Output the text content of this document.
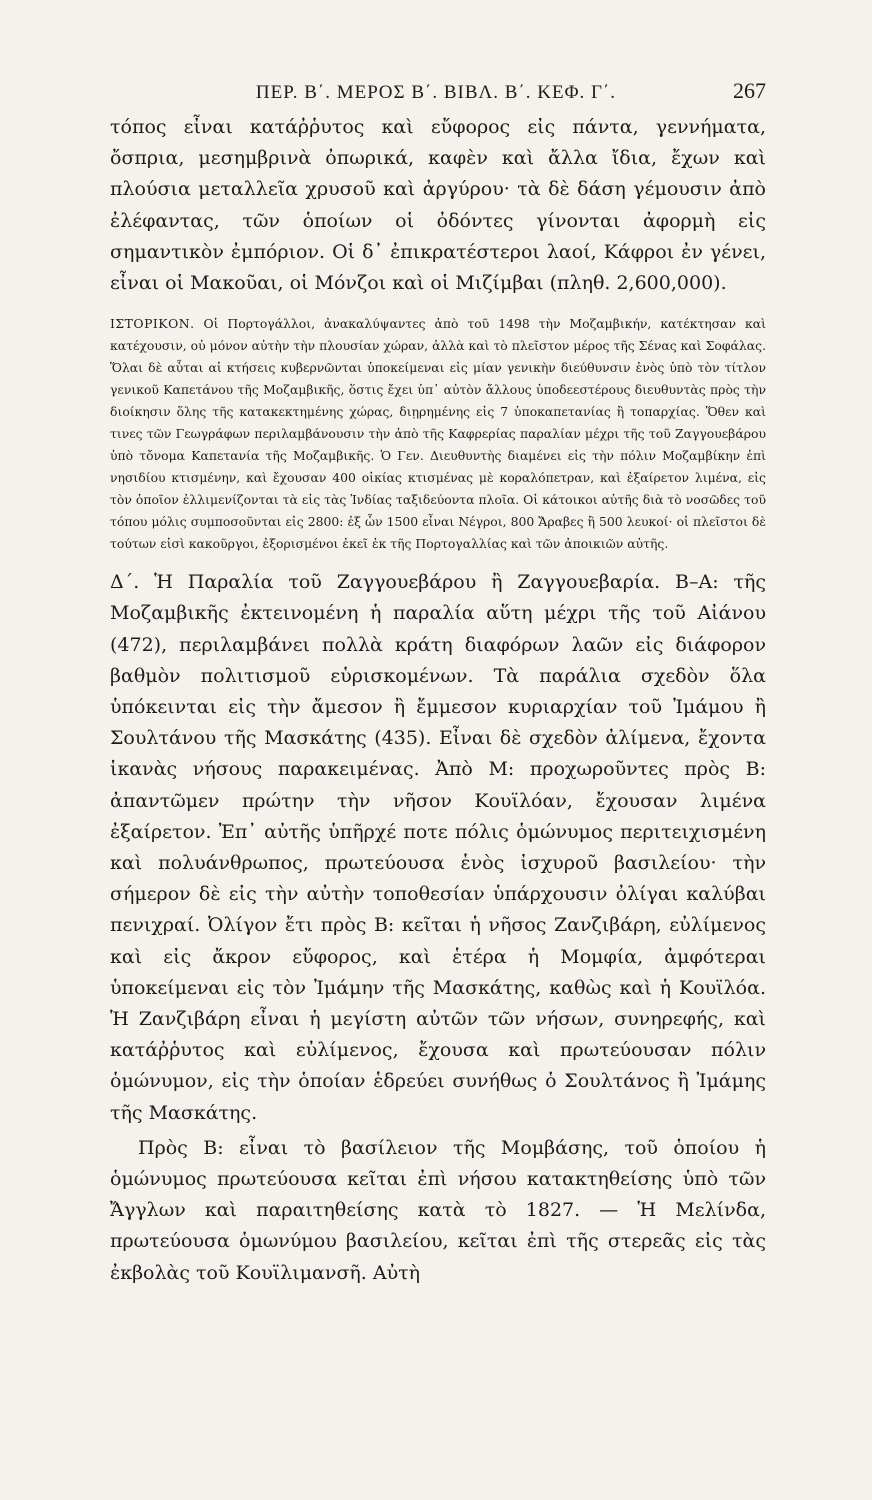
ΠΕΡ. Β΄. ΜΕΡΟΣ Β΄. ΒΙΒΛ. Β΄. ΚΕΦ. Γ΄.	267

τόπος εἶναι κατάῤῥυτος καὶ εὔφορος εἰς πάντα, γεννήματα, ὄσπρια, μεσημβρινὰ ὀπωρικά, καφὲν καὶ ἄλλα ἴδια, ἔχων καὶ πλούσια μεταλλεῖα χρυσοῦ καὶ ἀργύρου· τὰ δὲ δάση γέμουσιν ἀπὸ ἐλέφαντας, τῶν ὁποίων οἱ ὀδόντες γίνονται ἀφορμὴ εἰς σημαντικὸν ἐμπόριον. Οἱ δ᾽ ἐπικρατέστεροι λαοί, Κάφροι ἐν γένει, εἶναι οἱ Μακοῦαι, οἱ Μόνζοι καὶ οἱ Μιζίμβαι (πληθ. 2,600,000).

ΙΣΤΟΡΙΚΟΝ. Οἱ Πορτογάλλοι, ἀνακαλύψαντες ἀπὸ τοῦ 1498 τὴν Μοζαμβικήν, κατέκτησαν καὶ κατέχουσιν, οὐ μόνον αὐτὴν τὴν πλουσίαν χώραν, ἀλλὰ καὶ τὸ πλεῖστον μέρος τῆς Σένας καὶ Σοφάλας. Ὅλαι δὲ αὗται αἱ κτήσεις κυβερνῶνται ὑποκείμεναι εἰς μίαν γενικὴν διεύθυνσιν ἑνὸς ὑπὸ τὸν τίτλον γενικοῦ Καπετάνου τῆς Μοζαμβικῆς, ὅστις ἔχει ὑπ᾽ αὐτὸν ἄλλους ὑποδεεστέρους διευθυντὰς πρὸς τὴν διοίκησιν ὅλης τῆς κατακεκτημένης χώρας, διῃρημένης εἰς 7 ὑποκαπετανίας ἢ τοπαρχίας. Ὅθεν καὶ τινες τῶν Γεωγράφων περιλαμβάνουσιν τὴν ἀπὸ τῆς Καφρερίας παραλίαν μέχρι τῆς τοῦ Ζαγγουεβάρου ὑπὸ τὄνομα Καπετανία τῆς Μοζαμβικῆς. Ὁ Γεν. Διευθυντὴς διαμένει εἰς τὴν πόλιν Μοζαμβίκην ἐπὶ νησιδίου κτισμένην, καὶ ἔχουσαν 400 οἰκίας κτισμένας μὲ κοραλόπετραν, καὶ ἐξαίρετον λιμένα, εἰς τὸν ὁποῖον ἐλλιμενίζονται τὰ εἰς τὰς Ἰνδίας ταξιδεύοντα πλοῖα. Οἱ κάτοικοι αὐτῆς διὰ τὸ νοσῶδες τοῦ τόπου μόλις συμποσοῦνται εἰς 2800: ἐξ ὧν 1500 εἶναι Νέγροι, 800 Ἄραβες ἢ 500 λευκοί· οἱ πλεῖστοι δὲ τούτων εἰσὶ κακοῦργοι, ἐξορισμένοι ἐκεῖ ἐκ τῆς Πορτογαλλίας καὶ τῶν ἀποικιῶν αὐτῆς.

Δ΄. Ἡ Παραλία τοῦ Ζαγγουεβάρου ἢ Ζαγγουεβαρία. Β–Α: τῆς Μοζαμβικῆς ἐκτεινομένη ἡ παραλία αὕτη μέχρι τῆς τοῦ Αἰάνου (472), περιλαμβάνει πολλὰ κράτη διαφόρων λαῶν εἰς διάφορον βαθμὸν πολιτισμοῦ εὑρισκομένων. Τὰ παράλια σχεδὸν ὅλα ὑπόκεινται εἰς τὴν ἄμεσον ἢ ἔμμεσον κυριαρχίαν τοῦ Ἰμάμου ἢ Σουλτάνου τῆς Μασκάτης (435). Εἶναι δὲ σχεδὸν ἀλίμενα, ἔχοντα ἱκανὰς νήσους παρακειμένας. Ἀπὸ Μ: προχωροῦντες πρὸς Β: ἀπαντῶμεν πρώτην τὴν νῆσον Κουϊλόαν, ἔχουσαν λιμένα ἐξαίρετον. Ἐπ᾽ αὐτῆς ὑπῆρχέ ποτε πόλις ὁμώνυμος περιτειχισμένη καὶ πολυάνθρωπος, πρωτεύουσα ἑνὸς ἰσχυροῦ βασιλείου· τὴν σήμερον δὲ εἰς τὴν αὐτὴν τοποθεσίαν ὑπάρχουσιν ὀλίγαι καλύβαι πενιχραί. Ὀλίγον ἔτι πρὸς Β: κεῖται ἡ νῆσος Ζανζιβάρη, εὐλίμενος καὶ εἰς ἄκρον εὔφορος, καὶ ἑτέρα ἡ Μομφία, ἀμφότεραι ὑποκείμεναι εἰς τὸν Ἰμάμην τῆς Μασκάτης, καθὼς καὶ ἡ Κουϊλόα. Ἡ Ζανζιβάρη εἶναι ἡ μεγίστη αὐτῶν τῶν νήσων, συνηρεφής, καὶ κατάῤῥυτος καὶ εὐλίμενος, ἔχουσα καὶ πρωτεύουσαν πόλιν ὁμώνυμον, εἰς τὴν ὁποίαν ἑδρεύει συνήθως ὁ Σουλτάνος ἢ Ἰμάμης τῆς Μασκάτης.

Πρὸς Β: εἶναι τὸ βασίλειον τῆς Μομβάσης, τοῦ ὁποίου ἡ ὁμώνυμος πρωτεύουσα κεῖται ἐπὶ νήσου κατακτηθείσης ὑπὸ τῶν Ἄγγλων καὶ παραιτηθείσης κατὰ τὸ 1827. — Ἡ Μελίνδα, πρωτεύουσα ὁμωνύμου βασιλείου, κεῖται ἐπὶ τῆς στερεᾶς εἰς τὰς ἐκβολὰς τοῦ Κουϊλιμανσῆ. Αὐτὴ
